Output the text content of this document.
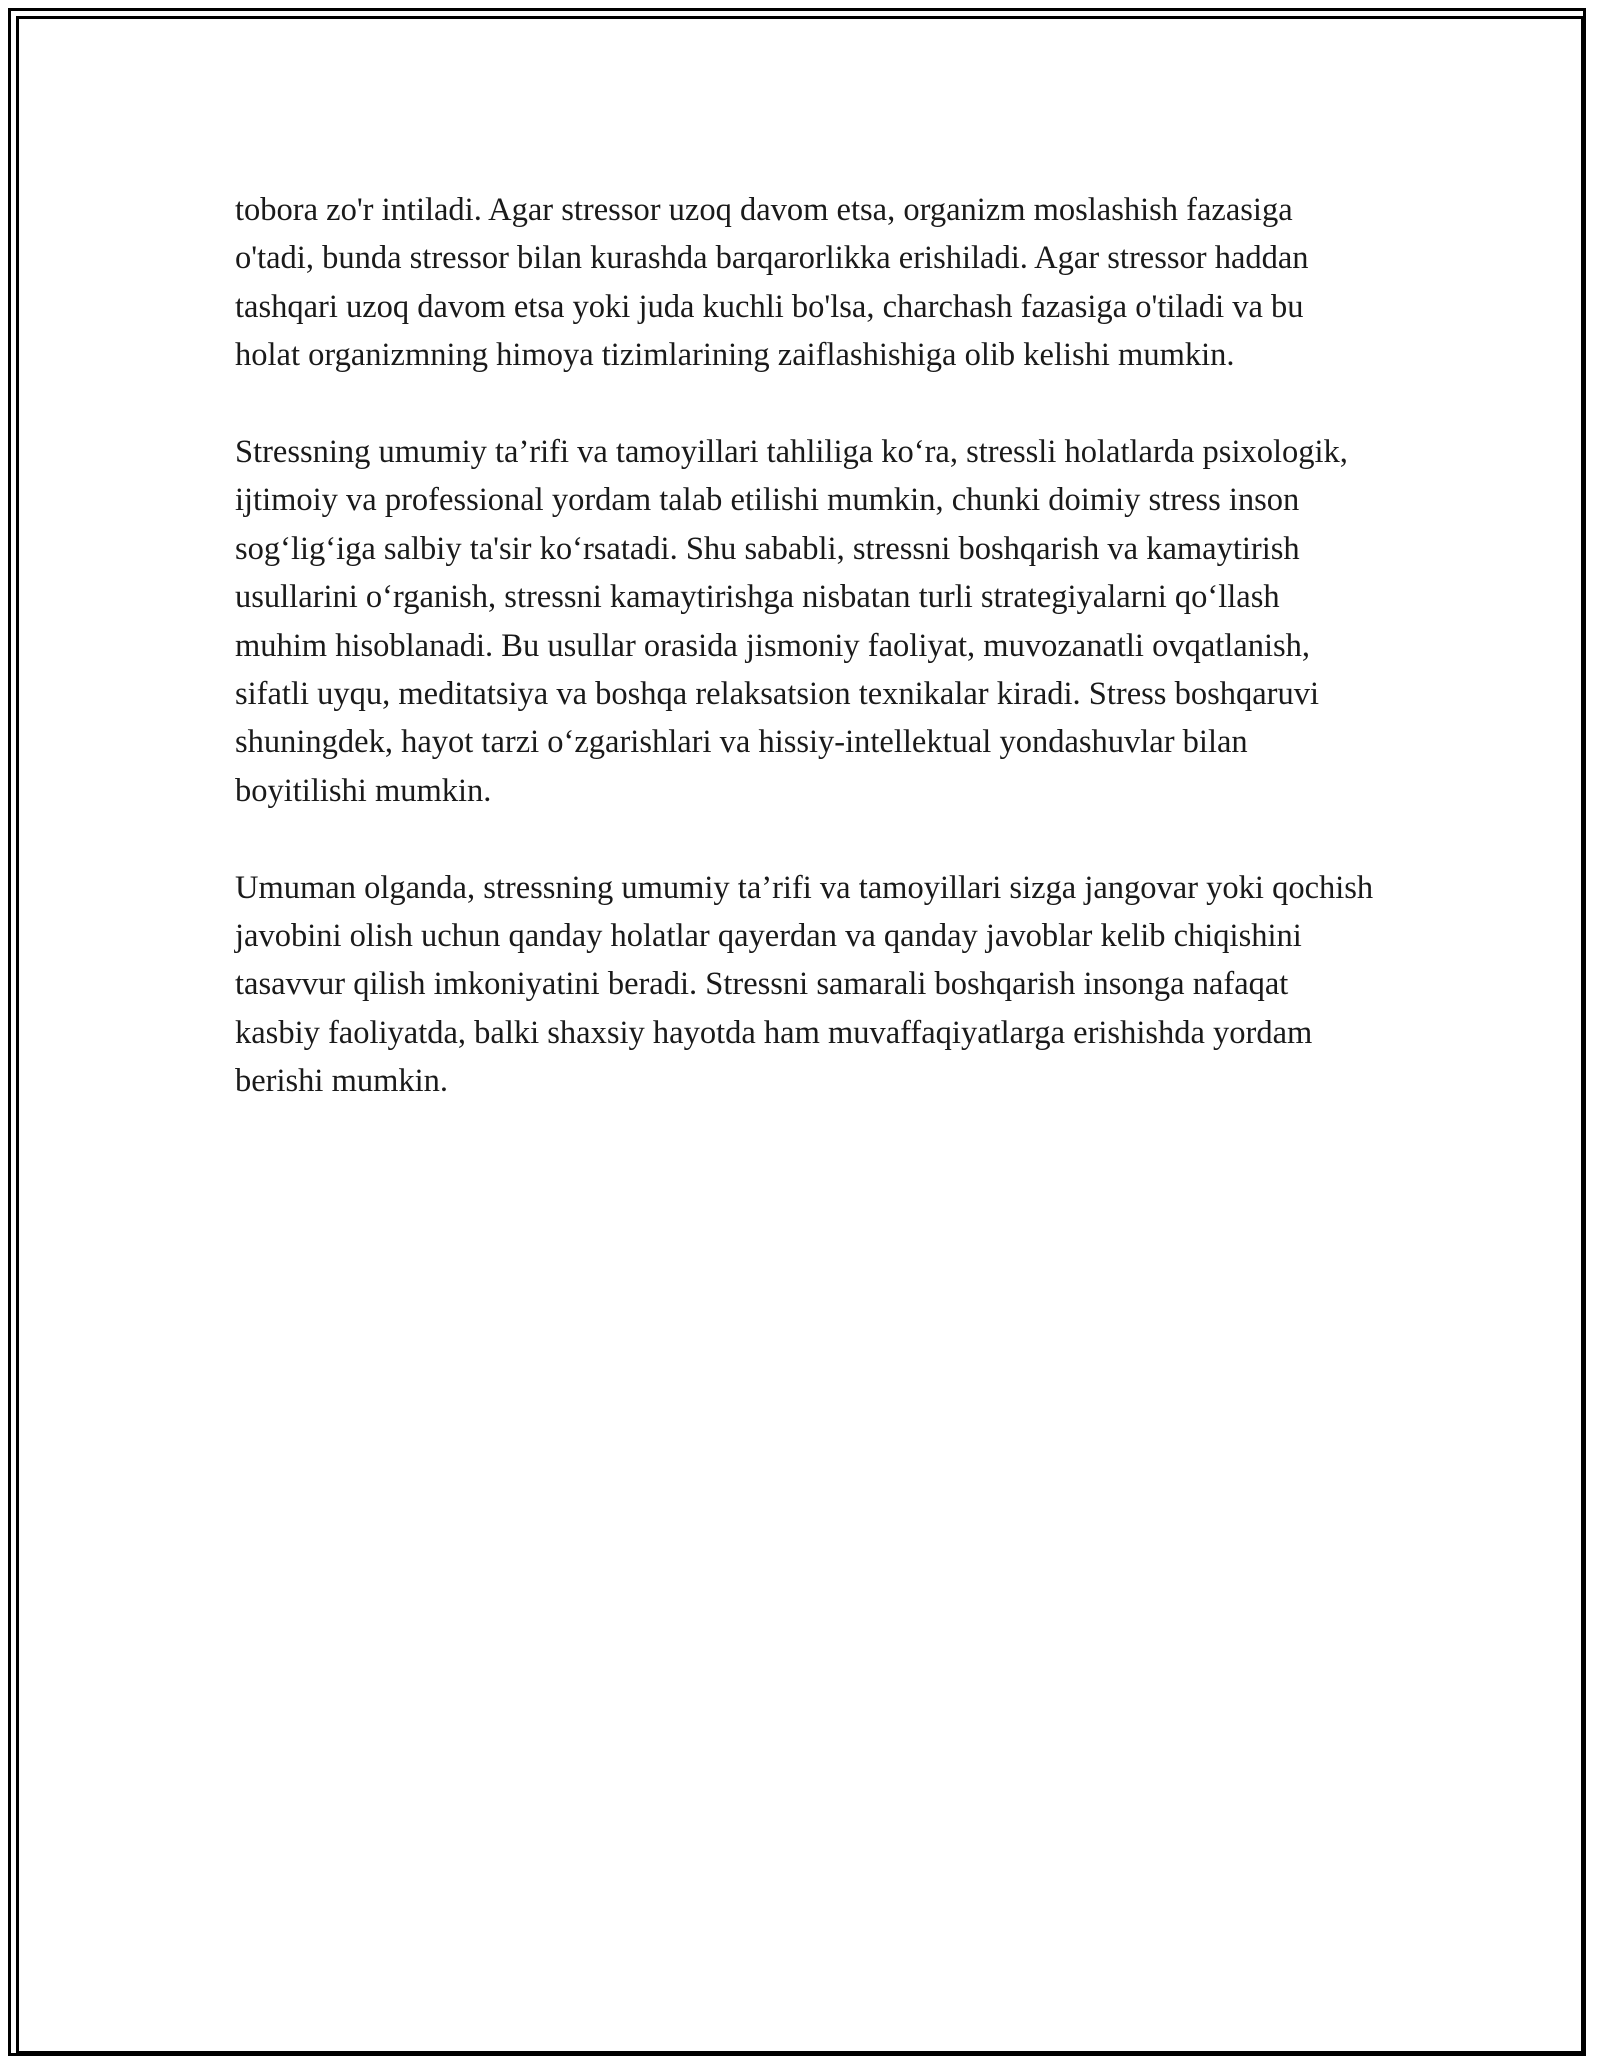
tobora zo'r intiladi. Agar stressor uzoq davom etsa, organizm moslashish fazasiga o'tadi, bunda stressor bilan kurashda barqarorlikka erishiladi. Agar stressor haddan tashqari uzoq davom etsa yoki juda kuchli bo'lsa, charchash fazasiga o'tiladi va bu holat organizmning himoya tizimlarining zaiflashishiga olib kelishi mumkin.

Stressning umumiy ta’rifi va tamoyillari tahliliga ko‘ra, stressli holatlarda psixologik, ijtimoiy va professional yordam talab etilishi mumkin, chunki doimiy stress inson sog‘lig‘iga salbiy ta'sir ko‘rsatadi. Shu sababli, stressni boshqarish va kamaytirish usullarini o‘rganish, stressni kamaytirishga nisbatan turli strategiyalarni qo‘llash muhim hisoblanadi. Bu usullar orasida jismoniy faoliyat, muvozanatli ovqatlanish, sifatli uyqu, meditatsiya va boshqa relaksatsion texnikalar kiradi. Stress boshqaruvi shuningdek, hayot tarzi o‘zgarishlari va hissiy-intellektual yondashuvlar bilan boyitilishi mumkin.

Umuman olganda, stressning umumiy ta’rifi va tamoyillari sizga jangovar yoki qochish javobini olish uchun qanday holatlar qayerdan va qanday javoblar kelib chiqishini tasavvur qilish imkoniyatini beradi. Stressni samarali boshqarish insonga nafaqat kasbiy faoliyatda, balki shaxsiy hayotda ham muvaffaqiyatlarga erishishda yordam berishi mumkin.
